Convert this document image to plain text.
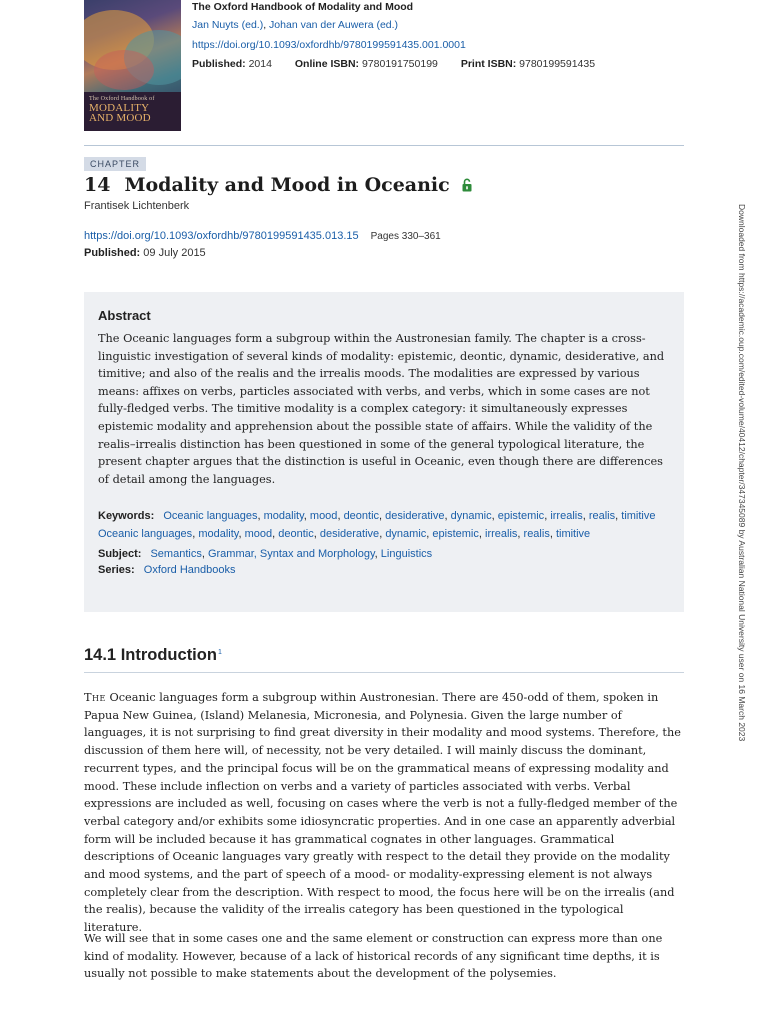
The Oxford Handbook of
MODALITY
AND MOOD
The Oxford Handbook of Modality and Mood
Jan Nuyts (ed.), Johan van der Auwera (ed.)
https://doi.org/10.1093/oxfordhb/9780199591435.001.0001
Published: 2014 Online ISBN: 9780191750199 Print ISBN: 9780199591435
CHAPTER
14 Modality and Mood in Oceanic
Frantisek Lichtenberk
https://doi.org/10.1093/oxfordhb/9780199591435.013.15 Pages 330–361
Published: 09 July 2015
Abstract
The Oceanic languages form a subgroup within the Austronesian family. The chapter is a cross-linguistic investigation of several kinds of modality: epistemic, deontic, dynamic, desiderative, and timitive; and also of the realis and the irrealis moods. The modalities are expressed by various means: affixes on verbs, particles associated with verbs, and verbs, which in some cases are not fully-fledged verbs. The timitive modality is a complex category: it simultaneously expresses epistemic modality and apprehension about the possible state of affairs. While the validity of the realis–irrealis distinction has been questioned in some of the general typological literature, the present chapter argues that the distinction is useful in Oceanic, even though there are differences of detail among the languages.
Keywords: Oceanic languages, modality, mood, deontic, desiderative, dynamic, epistemic, irrealis, realis, timitive Oceanic languages, modality, mood, deontic, desiderative, dynamic, epistemic, irrealis, realis, timitive
Subject: Semantics, Grammar, Syntax and Morphology, Linguistics
Series: Oxford Handbooks
14.1 Introduction$^1$
The Oceanic languages form a subgroup within Austronesian. There are 450-odd of them, spoken in Papua New Guinea, (Island) Melanesia, Micronesia, and Polynesia. Given the large number of languages, it is not surprising to find great diversity in their modality and mood systems. Therefore, the discussion of them here will, of necessity, not be very detailed. I will mainly discuss the dominant, recurrent types, and the principal focus will be on the grammatical means of expressing modality and mood. These include inflection on verbs and a variety of particles associated with verbs. Verbal expressions are included as well, focusing on cases where the verb is not a fully-fledged member of the verbal category and/or exhibits some idiosyncratic properties. And in one case an apparently adverbial form will be included because it has grammatical cognates in other languages. Grammatical descriptions of Oceanic languages vary greatly with respect to the detail they provide on the modality and mood systems, and the part of speech of a mood- or modality-expressing element is not always completely clear from the description. With respect to mood, the focus here will be on the irrealis (and the realis), because the validity of the irrealis category has been questioned in the typological literature.
We will see that in some cases one and the same element or construction can express more than one kind of modality. However, because of a lack of historical records of any significant time depths, it is usually not possible to make statements about the development of the polysemies.
Downloaded from https://academic.oup.com/edited-volume/40412/chapter/347345089 by Australian National University user on 16 March 2023
